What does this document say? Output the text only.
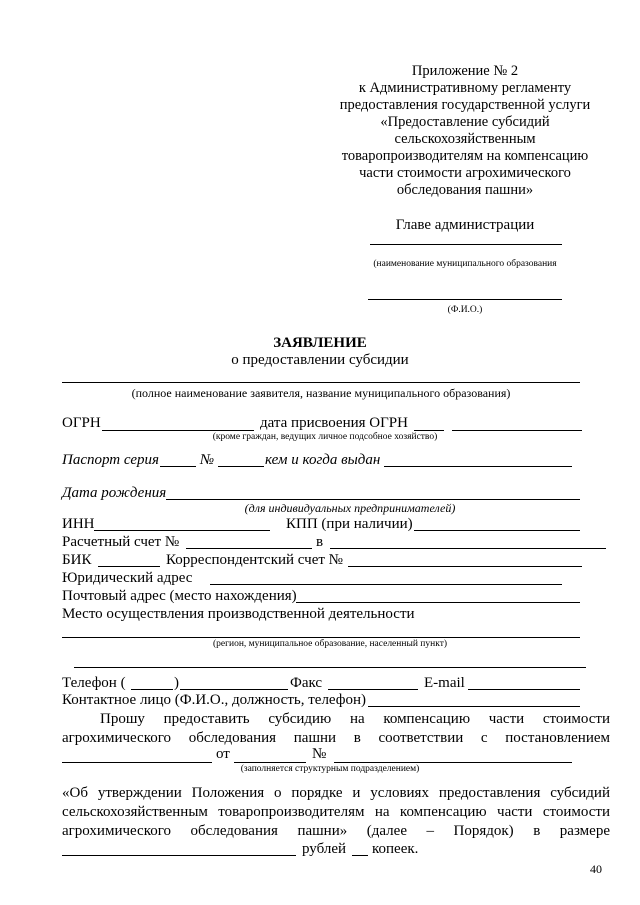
Приложение № 2
к Административному регламенту
предоставления государственной услуги
«Предоставление субсидий
сельскохозяйственным
товаропроизводителям на компенсацию
части стоимости агрохимического
обследования пашни»
Главе администрации
(наименование муниципального образования
(Ф.И.О.)
ЗАЯВЛЕНИЕ
о предоставлении субсидии
(полное наименование заявителя, название муниципального образования)
ОГРН	дата присвоения ОГРН
(кроме граждан, ведущих личное подсобное хозяйство)
Паспорт серия	№	кем и когда выдан
Дата рождения
(для индивидуальных предпринимателей)
ИНН	КПП (при наличии)
Расчетный счет №	в
БИК	Корреспондентский счет №
Юридический адрес
Почтовый адрес (место нахождения)
Место осуществления производственной деятельности
(регион, муниципальное образование, населенный пункт)
Телефон (	)	Факс	E-mail
Контактное лицо (Ф.И.О., должность, телефон)
Прошу предоставить субсидию на компенсацию части стоимости
агрохимического обследования пашни в соответствии с постановлением
от	№
(заполняется структурным подразделением)
«Об утверждении Положения о порядке и условиях предоставления субсидий
сельскохозяйственным товаропроизводителям на компенсацию части стоимости
агрохимического обследования пашни» (далее – Порядок) в размере
рублей копеек.
40
